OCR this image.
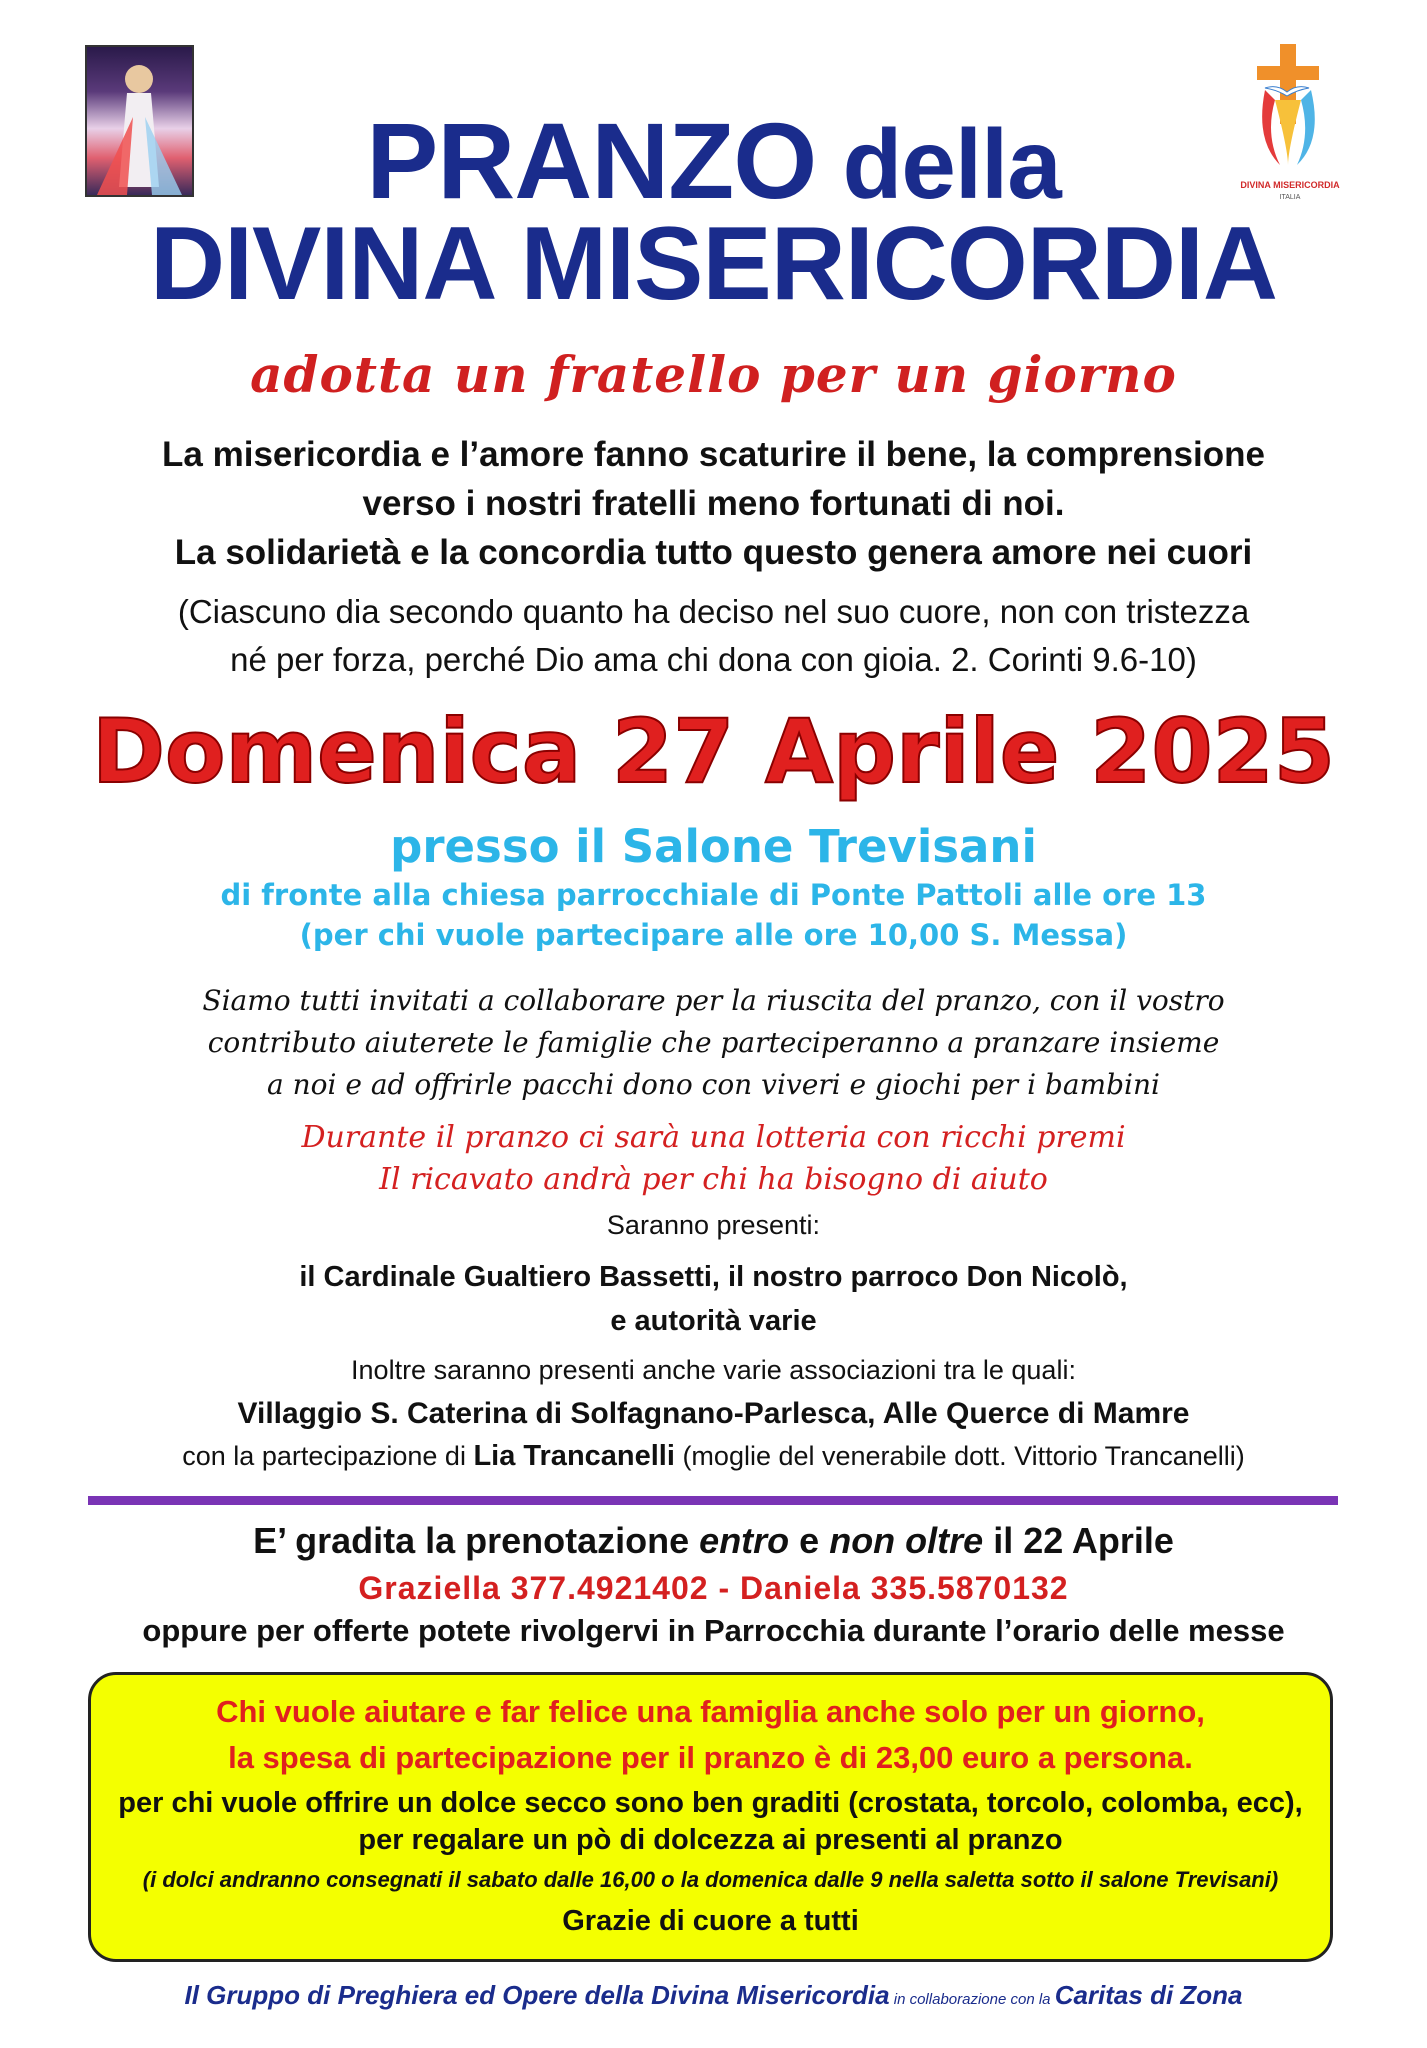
DIVINA MISERICORDIA
ITALIA
PRANZO della
DIVINA MISERICORDIA
adotta un fratello per un giorno
La misericordia e l’amore fanno scaturire il bene, la comprensione
verso i nostri fratelli meno fortunati di noi.
La solidarietà e la concordia tutto questo genera amore nei cuori
(Ciascuno dia secondo quanto ha deciso nel suo cuore, non con tristezza
né per forza, perché Dio ama chi dona con gioia. 2. Corinti 9.6-10)
Domenica 27 Aprile 2025
presso il Salone Trevisani
di fronte alla chiesa parrocchiale di Ponte Pattoli alle ore 13
(per chi vuole partecipare alle ore 10,00 S. Messa)
Siamo tutti invitati a collaborare per la riuscita del pranzo, con il vostro
contributo aiuterete le famiglie che parteciperanno a pranzare insieme
a noi e ad offrirle pacchi dono con viveri e giochi per i bambini
Durante il pranzo ci sarà una lotteria con ricchi premi
Il ricavato andrà per chi ha bisogno di aiuto
Saranno presenti:
il Cardinale Gualtiero Bassetti, il nostro parroco Don Nicolò,
e autorità varie
Inoltre saranno presenti anche varie associazioni tra le quali:
Villaggio S. Caterina di Solfagnano-Parlesca, Alle Querce di Mamre
con la partecipazione di Lia Trancanelli (moglie del venerabile dott. Vittorio Trancanelli)
E’ gradita la prenotazione entro e non oltre il 22 Aprile
Graziella 377.4921402 - Daniela 335.5870132
oppure per offerte potete rivolgervi in Parrocchia durante l’orario delle messe
Chi vuole aiutare e far felice una famiglia anche solo per un giorno,
la spesa di partecipazione per il pranzo è di 23,00 euro a persona.
per chi vuole offrire un dolce secco sono ben graditi (crostata, torcolo, colomba, ecc),
per regalare un pò di dolcezza ai presenti al pranzo
(i dolci andranno consegnati il sabato dalle 16,00 o la domenica dalle 9 nella saletta sotto il salone Trevisani)
Grazie di cuore a tutti
Il Gruppo di Preghiera ed Opere della Divina Misericordia in collaborazione con la Caritas di Zona
